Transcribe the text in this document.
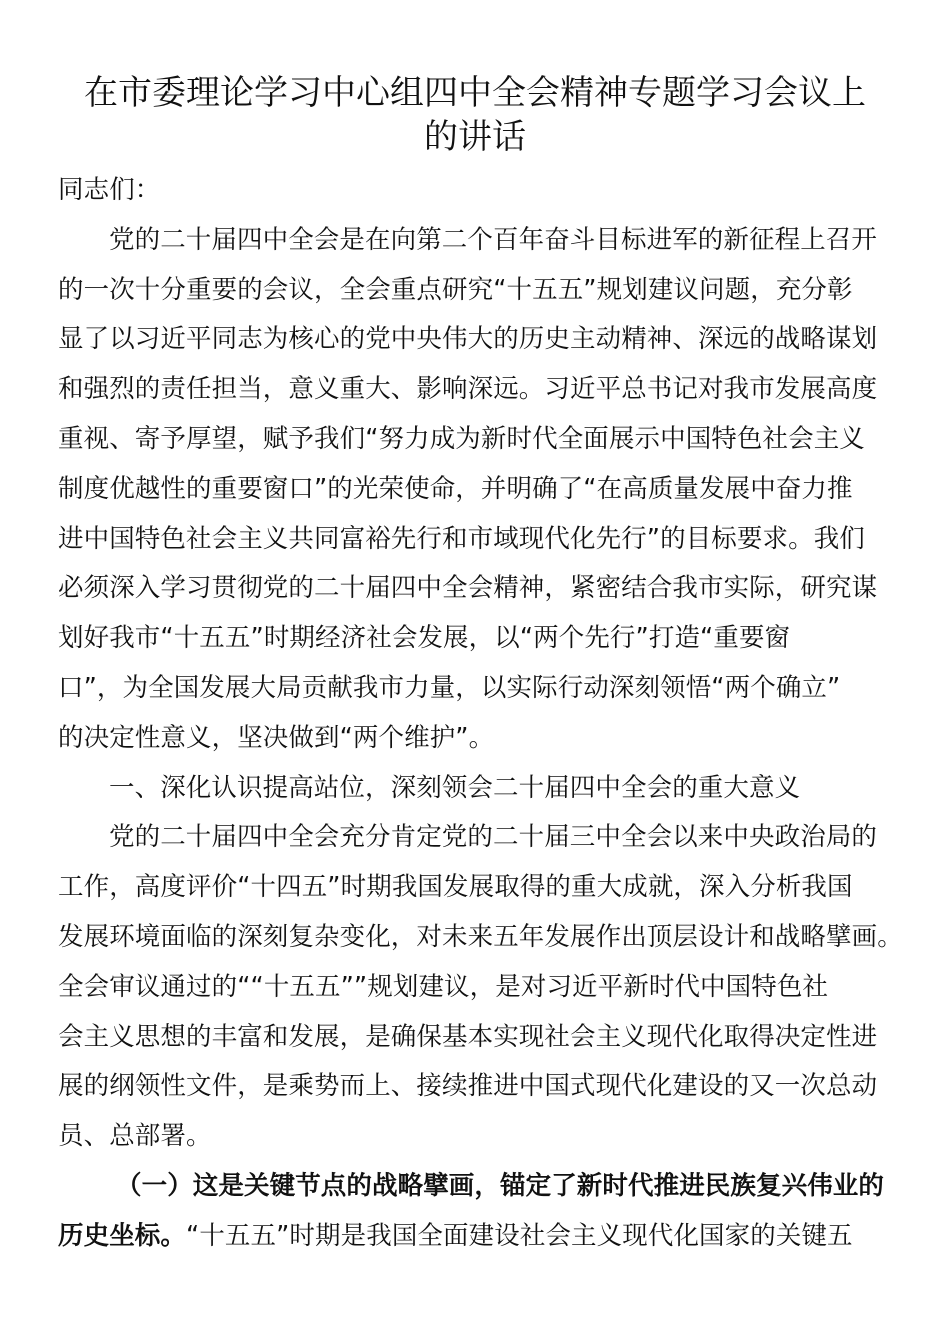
在市委理论学习中心组四中全会精神专题学习会议上
的讲话
同志们：
党的二十届四中全会是在向第二个百年奋斗目标进军的新征程上召开
的一次十分重要的会议，全会重点研究“十五五”规划建议问题，充分彰
显了以习近平同志为核心的党中央伟大的历史主动精神、深远的战略谋划
和强烈的责任担当，意义重大、影响深远。习近平总书记对我市发展高度
重视、寄予厚望，赋予我们“努力成为新时代全面展示中国特色社会主义
制度优越性的重要窗口”的光荣使命，并明确了“在高质量发展中奋力推
进中国特色社会主义共同富裕先行和市域现代化先行”的目标要求。我们
必须深入学习贯彻党的二十届四中全会精神，紧密结合我市实际，研究谋
划好我市“十五五”时期经济社会发展，以“两个先行”打造“重要窗
口”，为全国发展大局贡献我市力量，以实际行动深刻领悟“两个确立”
的决定性意义，坚决做到“两个维护”。
一、深化认识提高站位，深刻领会二十届四中全会的重大意义
党的二十届四中全会充分肯定党的二十届三中全会以来中央政治局的
工作，高度评价“十四五”时期我国发展取得的重大成就，深入分析我国
发展环境面临的深刻复杂变化，对未来五年发展作出顶层设计和战略擘画。
全会审议通过的““十五五””规划建议，是对习近平新时代中国特色社
会主义思想的丰富和发展，是确保基本实现社会主义现代化取得决定性进
展的纲领性文件，是乘势而上、接续推进中国式现代化建设的又一次总动
员、总部署。
（一）这是关键节点的战略擘画，锚定了新时代推进民族复兴伟业的
历史坐标。“十五五”时期是我国全面建设社会主义现代化国家的关键五
